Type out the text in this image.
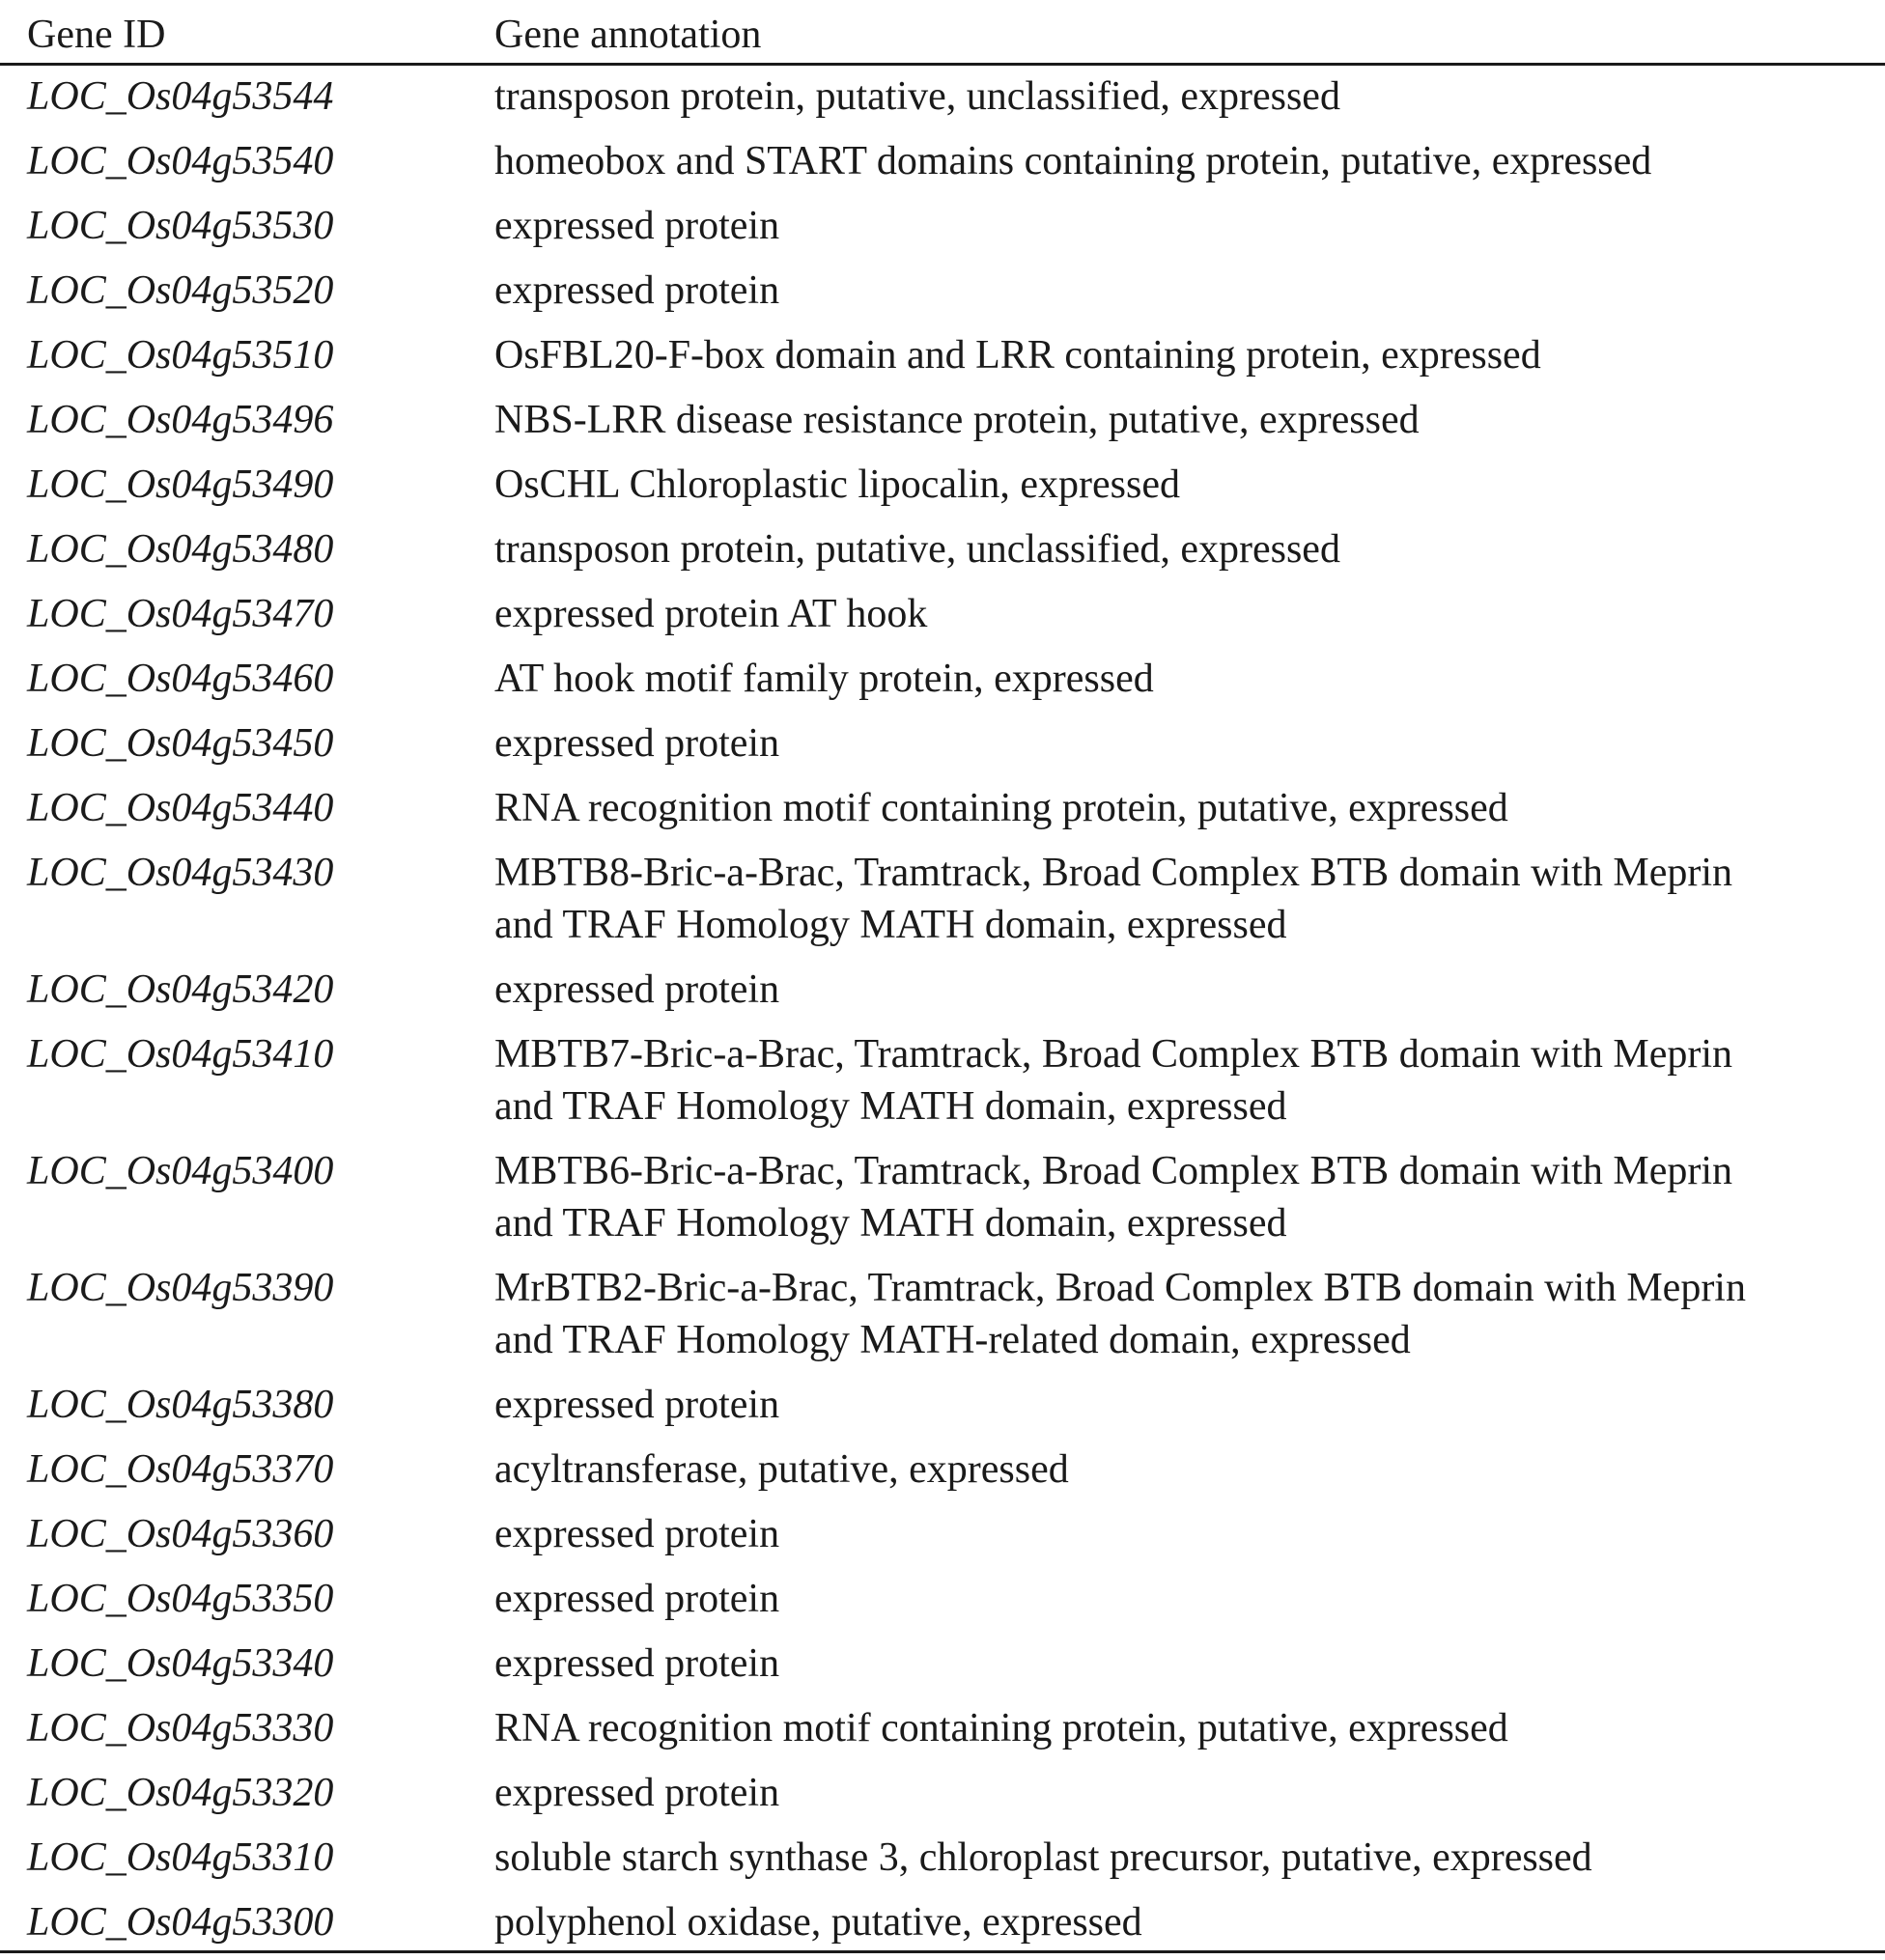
Gene ID	Gene annotation
LOC_Os04g53544	transposon protein, putative, unclassified, expressed

LOC_Os04g53540	homeobox and START domains containing protein, putative, expressed

LOC_Os04g53530	expressed protein

LOC_Os04g53520	expressed protein

LOC_Os04g53510	OsFBL20-F-box domain and LRR containing protein, expressed

LOC_Os04g53496	NBS-LRR disease resistance protein, putative, expressed

LOC_Os04g53490	OsCHL Chloroplastic lipocalin, expressed

LOC_Os04g53480	transposon protein, putative, unclassified, expressed

LOC_Os04g53470	expressed protein AT hook

LOC_Os04g53460	AT hook motif family protein, expressed

LOC_Os04g53450	expressed protein

LOC_Os04g53440	RNA recognition motif containing protein, putative, expressed

LOC_Os04g53430	MBTB8-Bric-a-Brac, Tramtrack, Broad Complex BTB domain with Meprin
and TRAF Homology MATH domain, expressed

LOC_Os04g53420	expressed protein

LOC_Os04g53410	MBTB7-Bric-a-Brac, Tramtrack, Broad Complex BTB domain with Meprin
and TRAF Homology MATH domain, expressed

LOC_Os04g53400	MBTB6-Bric-a-Brac, Tramtrack, Broad Complex BTB domain with Meprin
and TRAF Homology MATH domain, expressed

LOC_Os04g53390	MrBTB2-Bric-a-Brac, Tramtrack, Broad Complex BTB domain with Meprin
and TRAF Homology MATH-related domain, expressed

LOC_Os04g53380	expressed protein

LOC_Os04g53370	acyltransferase, putative, expressed

LOC_Os04g53360	expressed protein

LOC_Os04g53350	expressed protein

LOC_Os04g53340	expressed protein

LOC_Os04g53330	RNA recognition motif containing protein, putative, expressed

LOC_Os04g53320	expressed protein

LOC_Os04g53310	soluble starch synthase 3, chloroplast precursor, putative, expressed

LOC_Os04g53300	polyphenol oxidase, putative, expressed
